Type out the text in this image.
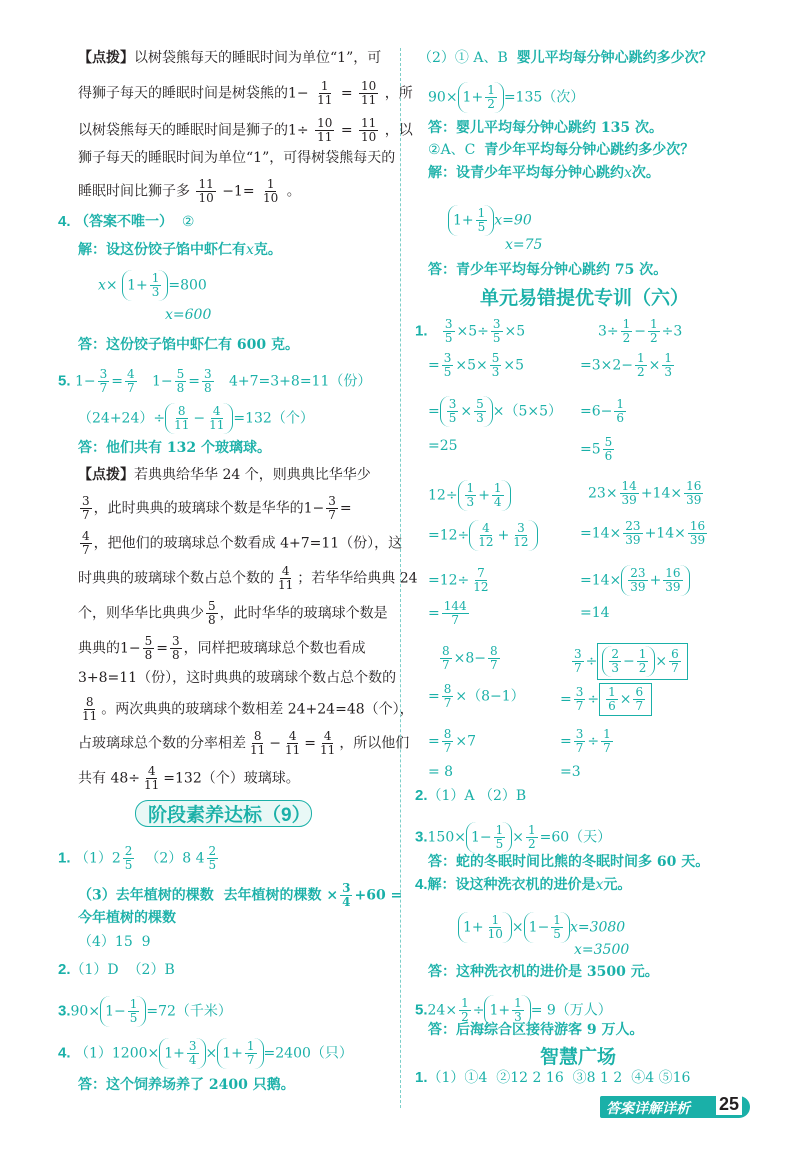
【点拨】以树袋熊每天的睡眠时间为单位“1”，可
得狮子每天的睡眠时间是树袋熊的$1- \frac{1}{11} = \frac{10}{11}$ ，所
以树袋熊每天的睡眠时间是狮子的$1\div \frac{10}{11} = \frac{11}{10}$ ，以
狮子每天的睡眠时间为单位“1”，可得树袋熊每天的
睡眠时间比狮子多 $\frac{11}{10} -1= \frac{1}{10}$ 。
4. （答案不唯一） ②
解：设这份饺子馅中虾仁有x克。
$x\times 1+ \frac{1}{3} =800$
x=600
答：这份饺子馅中虾仁有 600 克。
5. $1- \frac{3}{7} = \frac{4}{7} 1- \frac{5}{8} = \frac{3}{8} 4+7=3+8=11$（份）
$(24+24)\div \frac{8}{11} - \frac{4}{11} =132$（个）
答：他们共有 132 个玻璃球。
【点拨】若典典给华华 24 个，则典典比华华少
$\frac{3}{7}$ ，此时典典的玻璃球个数是华华的$1- \frac{3}{7}$ =
$\frac{4}{7}$ ，把他们的玻璃球总个数看成 4+7=11（份），这
时典典的玻璃球个数占总个数的 $\frac{4}{11}$ ；若华华给典典 24
个，则华华比典典少 $\frac{5}{8}$ ，此时华华的玻璃球个数是
典典的$1- \frac{5}{8} = \frac{3}{8}$ ，同样把玻璃球总个数也看成
3+8=11（份），这时典典的玻璃球个数占总个数的
$\frac{8}{11}$ 。两次典典的玻璃球个数相差 24+24=48（个），
占玻璃球总个数的分率相差 $\frac{8}{11} - \frac{4}{11} = \frac{4}{11}$ ，所以他们
共有 $48\div \frac{4}{11} =132$（个）玻璃球。
阶段素养达标（9）
1. $(1)2 \frac{2}{5} (2)8$ $4 \frac{2}{5}$
（3）去年植树的棵数 去年植树的棵数 × $\frac{3}{4} +60$ =
今年植树的棵数
（4）15 9
2.（1）D （2）B
$3.90\times 1- \frac{1}{5} =72$（千米）
4. $(1)1200\times 1+ \frac{3}{4} \times 1+ \frac{1}{7} =2400$（只）
答：这个饲养场养了 2400 只鹅。
（2）① A、B 婴儿平均每分钟心跳约多少次？
$90\times 1+ \frac{1}{2} =135$（次）
答：婴儿平均每分钟心跳约 135 次。
②A、C 青少年平均每分钟心跳约多少次？
解：设青少年平均每分钟心跳约x次。
$1+ \frac{1}{5} x=90$
x=75
答：青少年平均每分钟心跳约 75 次。
单元易错提优专训（六）
1. $\frac{3}{5} \times 5\div \frac{3}{5} \times 5$	$3\div \frac{1}{2} - \frac{1}{2} \div 3$
= $\frac{3}{5} \times 5\times \frac{5}{3} \times 5$	$=3\times 2- \frac{1}{2} \times \frac{1}{3}$
= $\frac{3}{5} \times \frac{5}{3} \times(5\times 5) =6- \frac{1}{6}$
=25	$=5 \frac{5}{6}$
$12\div \frac{1}{3} + \frac{1}{4}$	$23\times \frac{14}{39} +14\times \frac{16}{39}$
$=12\div \frac{4}{12} + \frac{3}{12}$	$=14\times \frac{23}{39} +14\times \frac{16}{39}$
$=12\div \frac{7}{12}$	$=14\times \frac{23}{39} + \frac{16}{39}$
= $\frac{144}{7}$	=14
$\frac{8}{7} \times 8- \frac{8}{7}$	$\frac{3}{7} \div \frac{2}{3} - \frac{1}{2} \times \frac{6}{7}$
= $\frac{8}{7} \times(8-1)$	= $\frac{3}{7} \div \frac{1}{6} \times \frac{6}{7}$
= $\frac{8}{7} \times 7$	= $\frac{3}{7} \div \frac{1}{7}$
= 8	=3
2.（1）A （2）B
$3.150\times 1- \frac{1}{5} \times \frac{1}{2} =60$（天）
答：蛇的冬眠时间比熊的冬眠时间多 60 天。
4.解：设这种洗衣机的进价是x元。
$1+ \frac{1}{10} \times 1- \frac{1}{5} x=3080$
x=3500
答：这种洗衣机的进价是 3500 元。
$5.24\times \frac{1}{2} \div 1+ \frac{1}{3} = 9$（万人）
答：后海综合区接待游客 9 万人。
智慧广场
1.（1）①4 ②12 2 16 ③8 1 2 ④4 ⑤16
答案详解详析 25
